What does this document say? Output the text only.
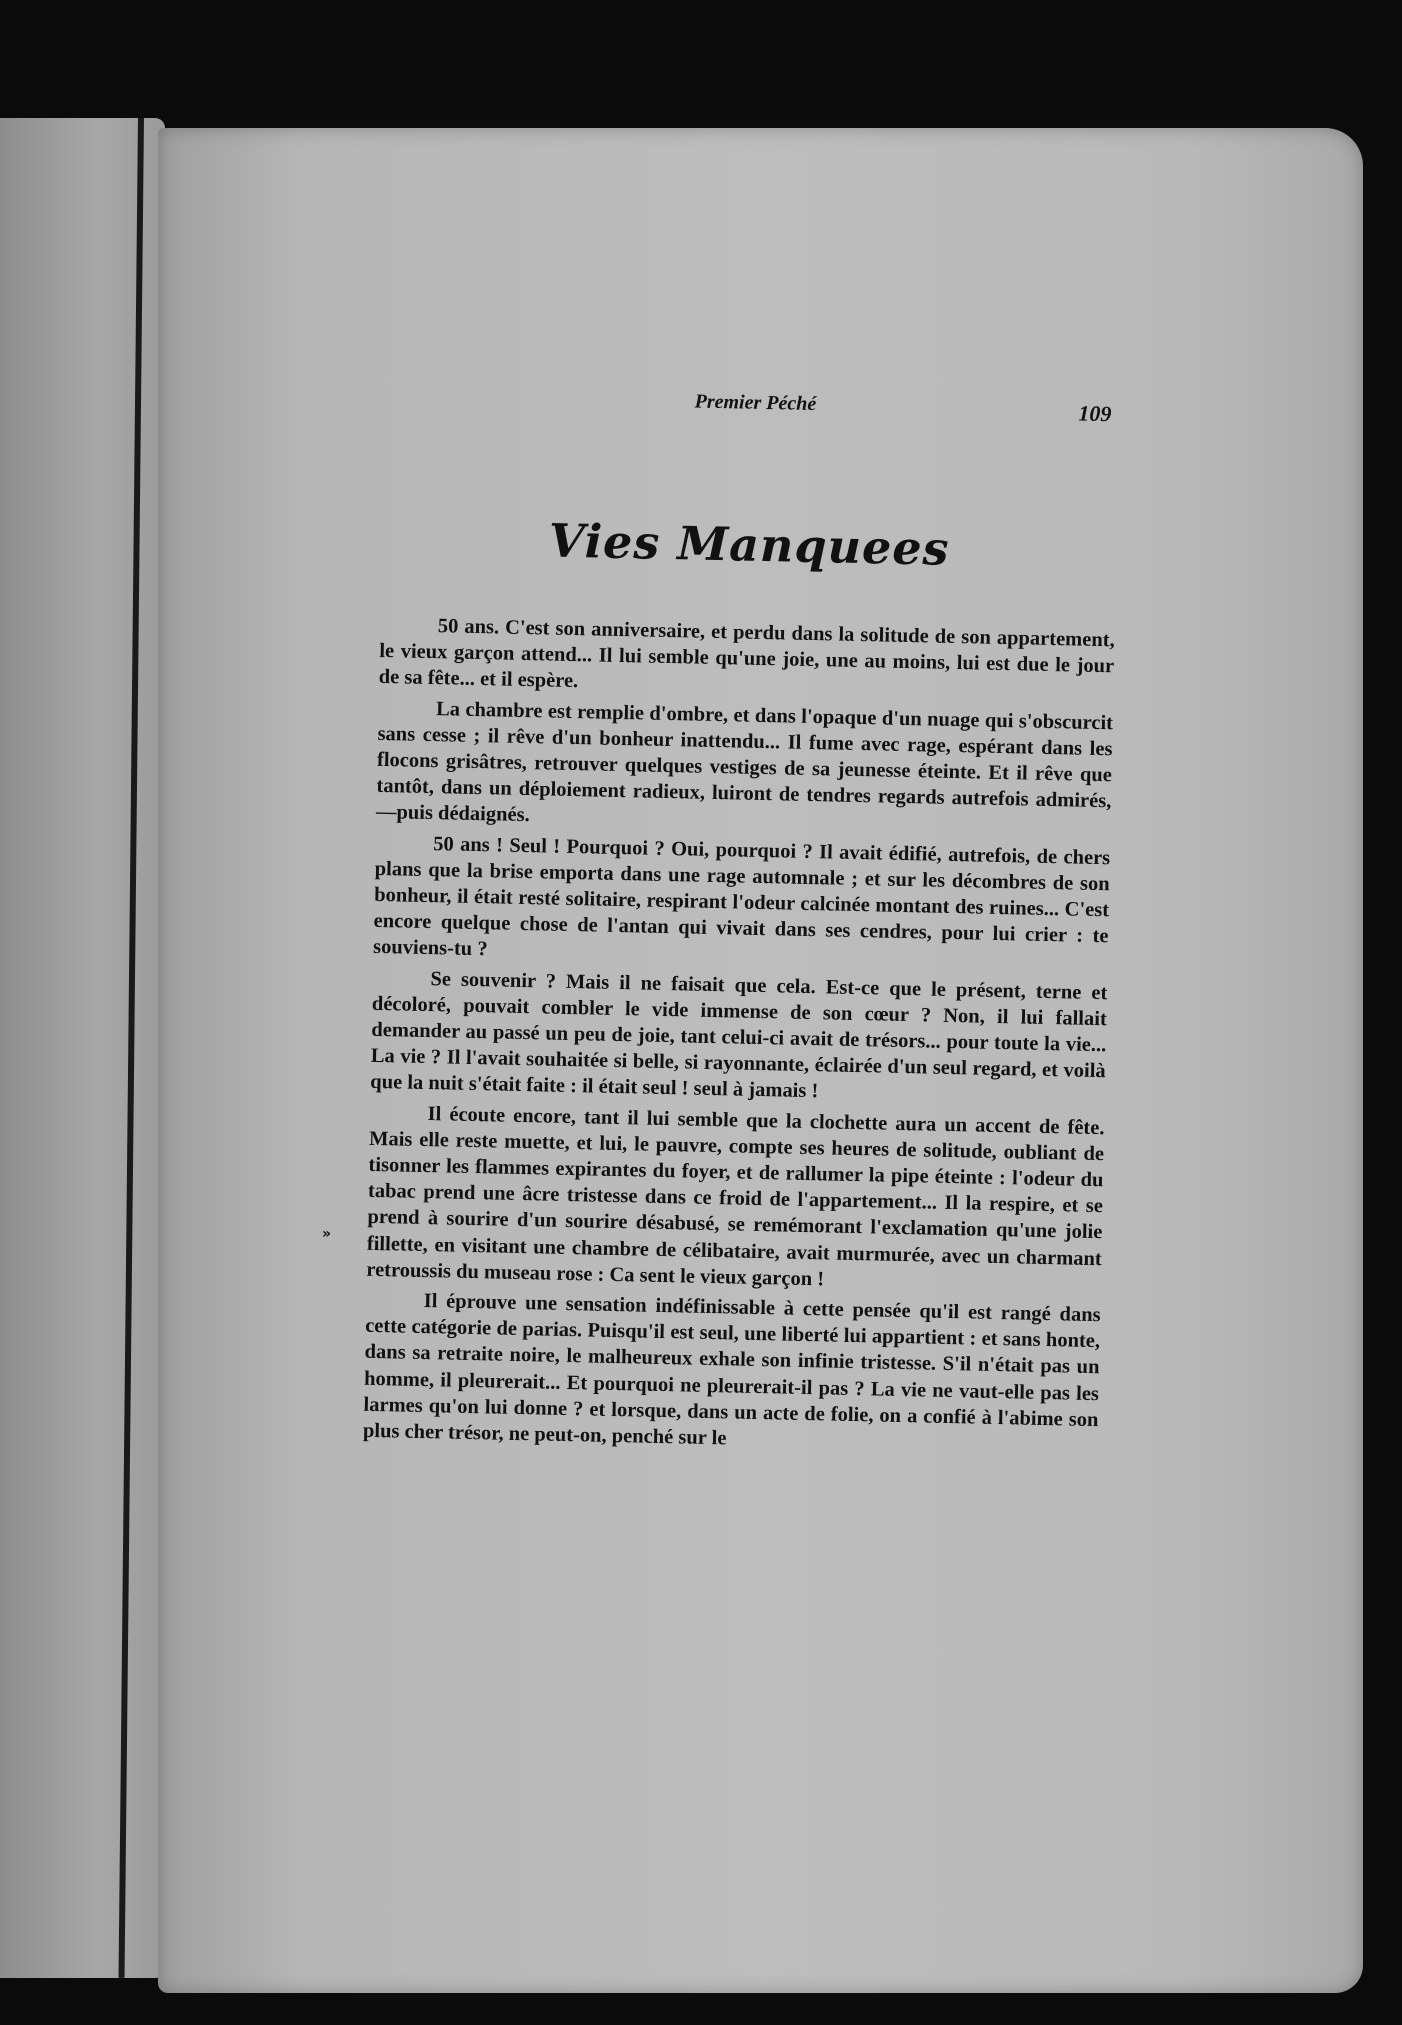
»
Premier Péché	109
Vies Manquees

50 ans. C'est son anniversaire, et perdu dans la solitude de son appartement, le vieux garçon attend... Il lui semble qu'une joie, une au moins, lui est due le jour de sa fête... et il espère.

La chambre est remplie d'ombre, et dans l'opaque d'un nuage qui s'obscurcit sans cesse ; il rêve d'un bonheur inattendu... Il fume avec rage, espérant dans les flocons grisâtres, retrouver quelques vestiges de sa jeunesse éteinte. Et il rêve que tantôt, dans un déploiement radieux, luiront de tendres regards autrefois admirés,—puis dédaignés.

50 ans ! Seul ! Pourquoi ? Oui, pourquoi ? Il avait édifié, autrefois, de chers plans que la brise emporta dans une rage automnale ; et sur les décombres de son bonheur, il était resté solitaire, respirant l'odeur calcinée montant des ruines... C'est encore quelque chose de l'antan qui vivait dans ses cendres, pour lui crier : te souviens-tu ?

Se souvenir ? Mais il ne faisait que cela. Est-ce que le présent, terne et décoloré, pouvait combler le vide immense de son cœur ? Non, il lui fallait demander au passé un peu de joie, tant celui-ci avait de trésors... pour toute la vie... La vie ? Il l'avait souhaitée si belle, si rayonnante, éclairée d'un seul regard, et voilà que la nuit s'était faite : il était seul ! seul à jamais !

Il écoute encore, tant il lui semble que la clochette aura un accent de fête. Mais elle reste muette, et lui, le pauvre, compte ses heures de solitude, oubliant de tisonner les flammes expirantes du foyer, et de rallumer la pipe éteinte : l'odeur du tabac prend une âcre tristesse dans ce froid de l'appartement... Il la respire, et se prend à sourire d'un sourire désabusé, se remémorant l'exclamation qu'une jolie fillette, en visitant une chambre de célibataire, avait murmurée, avec un charmant retroussis du museau rose : Ca sent le vieux garçon !

Il éprouve une sensation indéfinissable à cette pensée qu'il est rangé dans cette catégorie de parias. Puisqu'il est seul, une liberté lui appartient : et sans honte, dans sa retraite noire, le malheureux exhale son infinie tristesse. S'il n'était pas un homme, il pleurerait... Et pourquoi ne pleurerait-il pas ? La vie ne vaut-elle pas les larmes qu'on lui donne ? et lorsque, dans un acte de folie, on a confié à l'abime son plus cher trésor, ne peut-on, penché sur le
